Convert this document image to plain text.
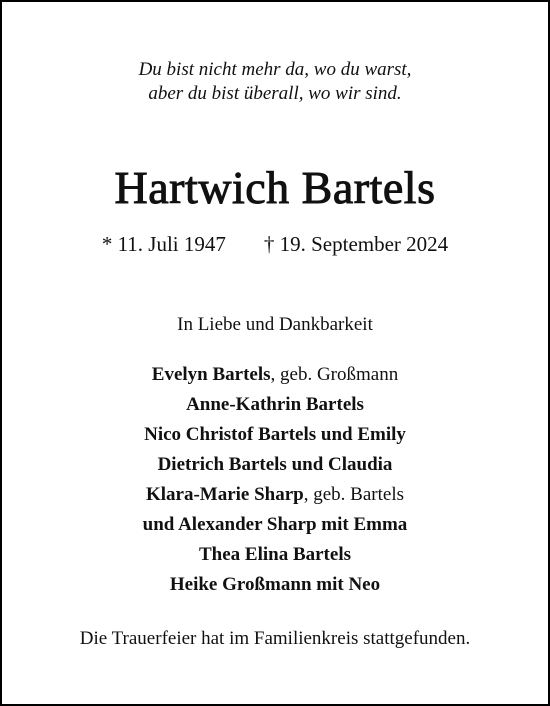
Du bist nicht mehr da, wo du warst,
aber du bist überall, wo wir sind.
Hartwich Bartels
* 11. Juli 1947 † 19. September 2024
In Liebe und Dankbarkeit
Evelyn Bartels, geb. Großmann
Anne-Kathrin Bartels
Nico Christof Bartels und Emily
Dietrich Bartels und Claudia
Klara-Marie Sharp, geb. Bartels
und Alexander Sharp mit Emma
Thea Elina Bartels
Heike Großmann mit Neo
Die Trauerfeier hat im Familienkreis stattgefunden.
